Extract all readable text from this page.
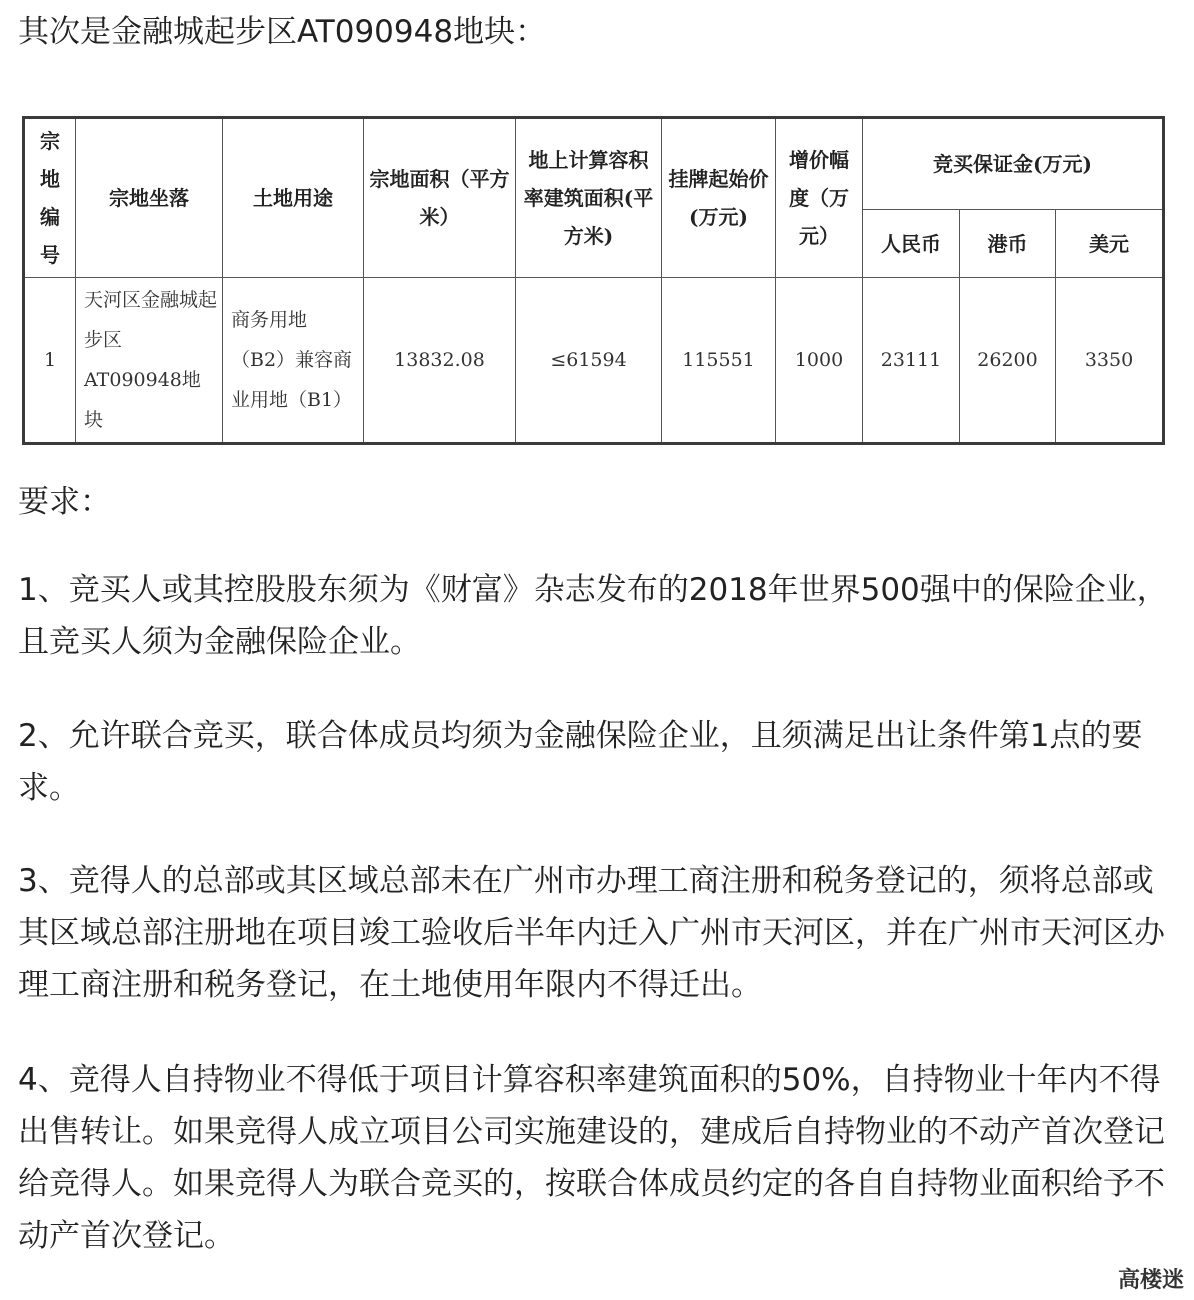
其次是金融城起步区AT090948地块：
宗地编号	宗地坐落	土地用途	宗地面积（平方米）	地上计算容积率建筑面积(平方米)	挂牌起始价(万元)	增价幅度（万元）	竞买保证金(万元)		
							人民币	港币	美元
1	天河区金融城起步区AT090948地块	商务用地（B2）兼容商业用地（B1）	13832.08	≤61594	115551	1000	23111	26200	3350
要求：
1、竞买人或其控股股东须为《财富》杂志发布的2018年世界500强中的保险企业，且竞买人须为金融保险企业。
2、允许联合竞买，联合体成员均须为金融保险企业，且须满足出让条件第1点的要求。
3、竞得人的总部或其区域总部未在广州市办理工商注册和税务登记的，须将总部或其区域总部注册地在项目竣工验收后半年内迁入广州市天河区，并在广州市天河区办理工商注册和税务登记，在土地使用年限内不得迁出。
4、竞得人自持物业不得低于项目计算容积率建筑面积的50%，自持物业十年内不得出售转让。如果竞得人成立项目公司实施建设的，建成后自持物业的不动产首次登记给竞得人。如果竞得人为联合竞买的，按联合体成员约定的各自自持物业面积给予不动产首次登记。
高楼迷
